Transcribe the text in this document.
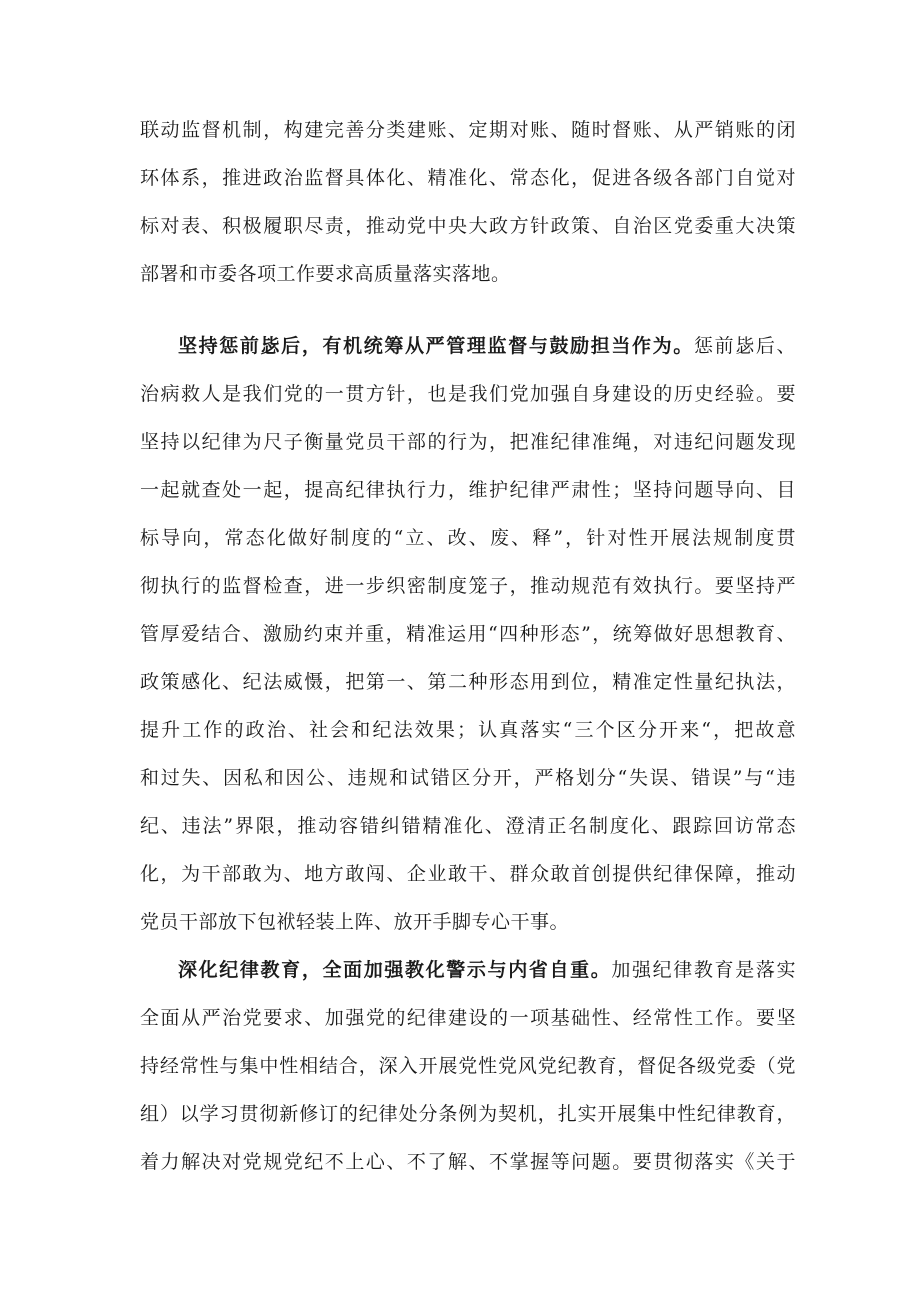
联动监督机制，构建完善分类建账、定期对账、随时督账、从严销账的闭
环体系，推进政治监督具体化、精准化、常态化，促进各级各部门自觉对
标对表、积极履职尽责，推动党中央大政方针政策、自治区党委重大决策
部署和市委各项工作要求高质量落实落地。
坚持惩前毖后，有机统筹从严管理监督与鼓励担当作为。惩前毖后、
治病救人是我们党的一贯方针，也是我们党加强自身建设的历史经验。要
坚持以纪律为尺子衡量党员干部的行为，把准纪律准绳，对违纪问题发现
一起就查处一起，提高纪律执行力，维护纪律严肃性；坚持问题导向、目
标导向，常态化做好制度的“立、改、废、释”，针对性开展法规制度贯
彻执行的监督检查，进一步织密制度笼子，推动规范有效执行。要坚持严
管厚爱结合、激励约束并重，精准运用“四种形态”，统筹做好思想教育、
政策感化、纪法威慑，把第一、第二种形态用到位，精准定性量纪执法，
提升工作的政治、社会和纪法效果；认真落实“三个区分开来“，把故意
和过失、因私和因公、违规和试错区分开，严格划分“失误、错误”与“违
纪、违法”界限，推动容错纠错精准化、澄清正名制度化、跟踪回访常态
化，为干部敢为、地方敢闯、企业敢干、群众敢首创提供纪律保障，推动
党员干部放下包袱轻装上阵、放开手脚专心干事。
深化纪律教育，全面加强教化警示与内省自重。加强纪律教育是落实
全面从严治党要求、加强党的纪律建设的一项基础性、经常性工作。要坚
持经常性与集中性相结合，深入开展党性党风党纪教育，督促各级党委（党
组）以学习贯彻新修订的纪律处分条例为契机，扎实开展集中性纪律教育，
着力解决对党规党纪不上心、不了解、不掌握等问题。要贯彻落实《关于
